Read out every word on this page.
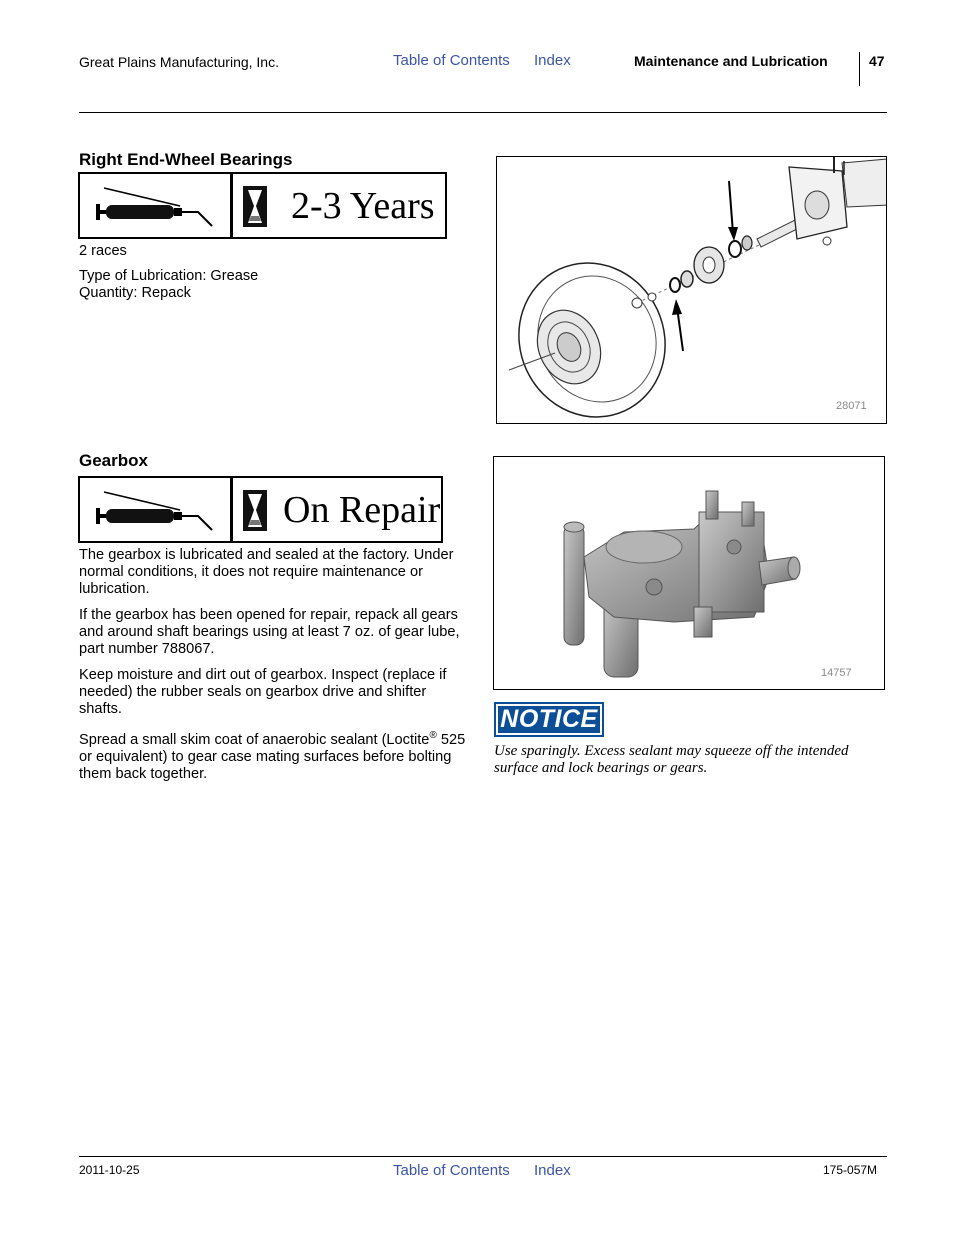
Great Plains Manufacturing, Inc.	Table of Contents Index	Maintenance and Lubrication	47
Right End-Wheel Bearings
2-3 Years
2 races
Type of Lubrication: Grease
Quantity: Repack
28071
Gearbox
On Repair

The gearbox is lubricated and sealed at the factory. Under normal conditions, it does not require maintenance or lubrication.

If the gearbox has been opened for repair, repack all gears and around shaft bearings using at least 7 oz. of gear lube, part number 788067.

Keep moisture and dirt out of gearbox. Inspect (replace if needed) the rubber seals on gearbox drive and shifter shafts.

Spread a small skim coat of anaerobic sealant (Loctite® 525 or equivalent) to gear case mating surfaces before bolting them back together.

14757
NOTICE
Use sparingly. Excess sealant may squeeze off the intended surface and lock bearings or gears.
2011-10-25	Table of Contents Index	175-057M
